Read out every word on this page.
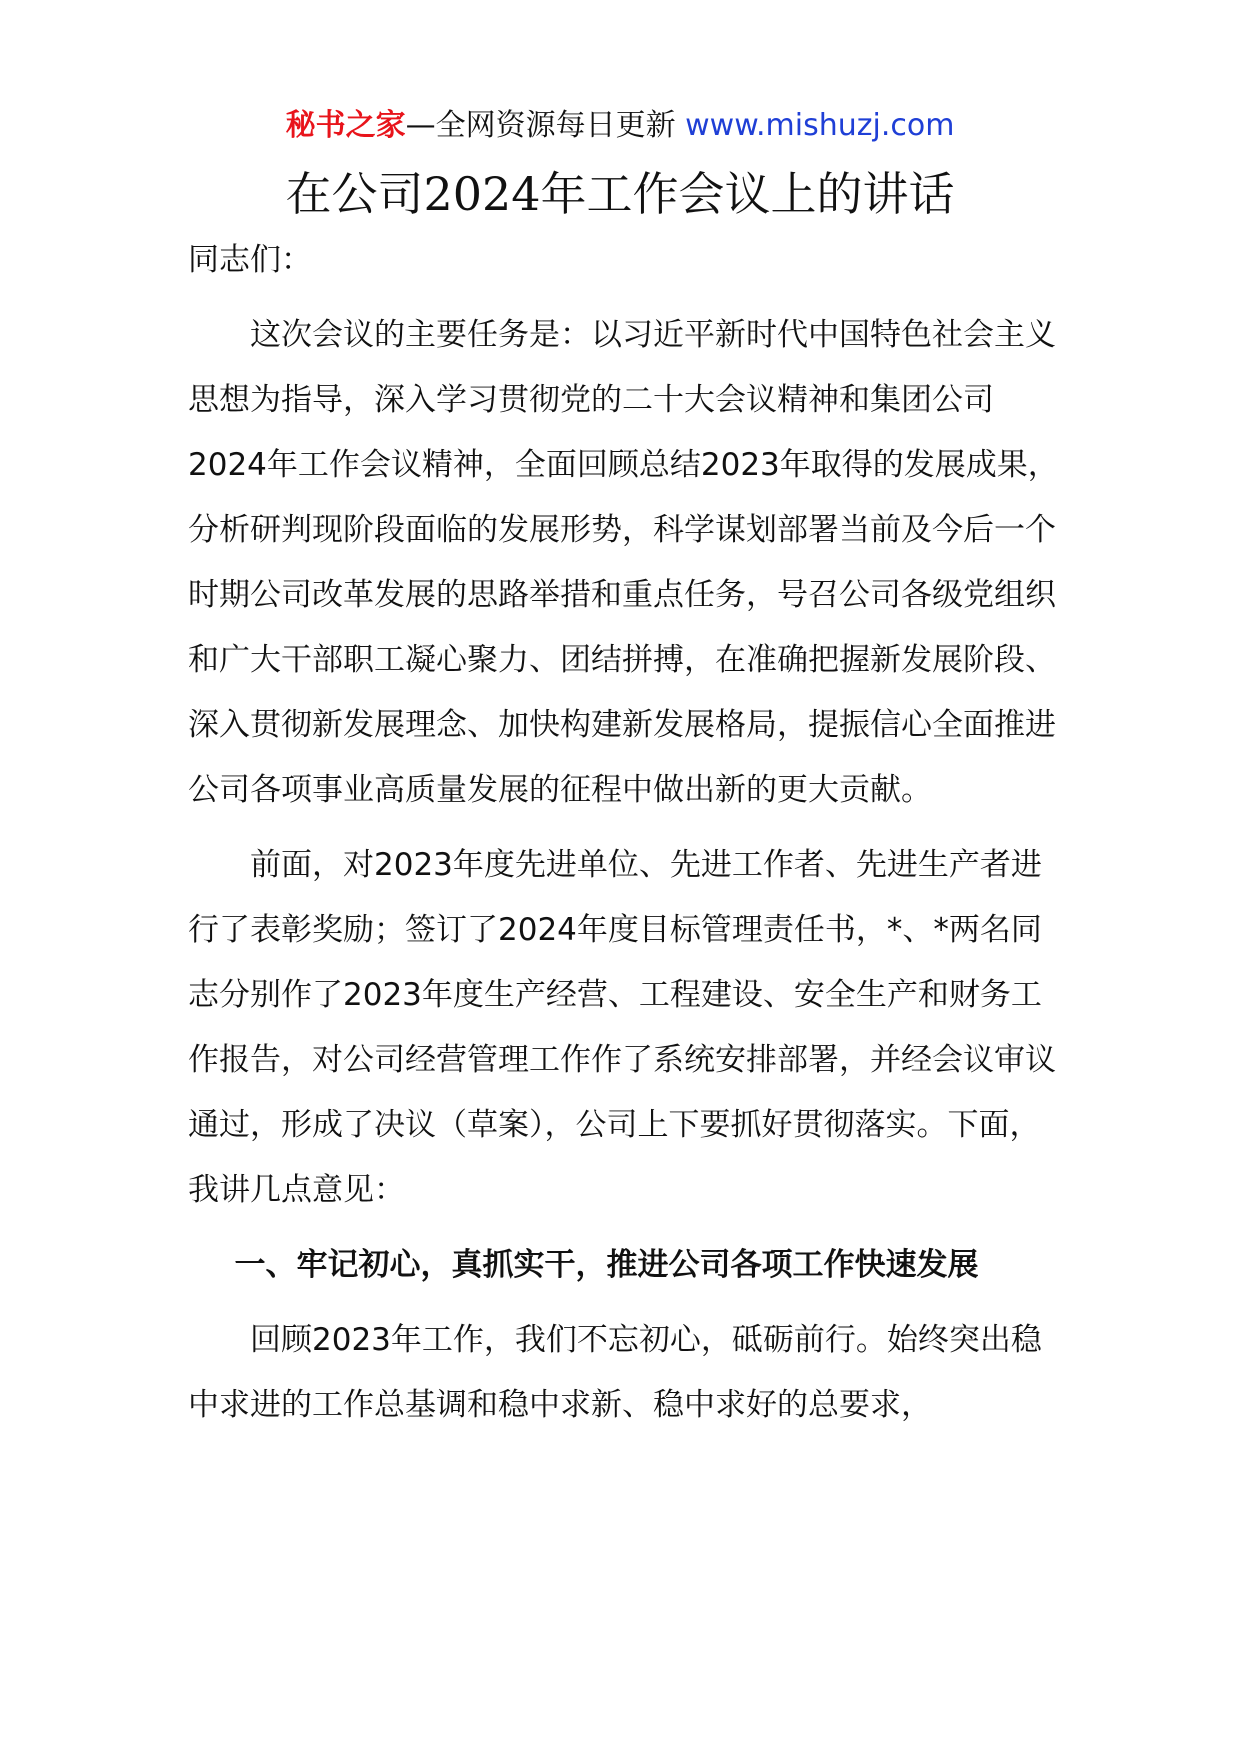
秘书之家—全网资源每日更新 www.mishuzj.com
在公司2024年工作会议上的讲话

同志们：

这次会议的主要任务是：以习近平新时代中国特色社会主义思想为指导，深入学习贯彻党的二十大会议精神和集团公司2024年工作会议精神，全面回顾总结2023年取得的发展成果，分析研判现阶段面临的发展形势，科学谋划部署当前及今后一个时期公司改革发展的思路举措和重点任务，号召公司各级党组织和广大干部职工凝心聚力、团结拼搏，在准确把握新发展阶段、深入贯彻新发展理念、加快构建新发展格局，提振信心全面推进公司各项事业高质量发展的征程中做出新的更大贡献。

前面，对2023年度先进单位、先进工作者、先进生产者进行了表彰奖励；签订了2024年度目标管理责任书，*、*两名同志分别作了2023年度生产经营、工程建设、安全生产和财务工作报告，对公司经营管理工作作了系统安排部署，并经会议审议通过，形成了决议（草案），公司上下要抓好贯彻落实。下面，我讲几点意见：

一、牢记初心，真抓实干，推进公司各项工作快速发展

回顾2023年工作，我们不忘初心，砥砺前行。始终突出稳中求进的工作总基调和稳中求新、稳中求好的总要求，
